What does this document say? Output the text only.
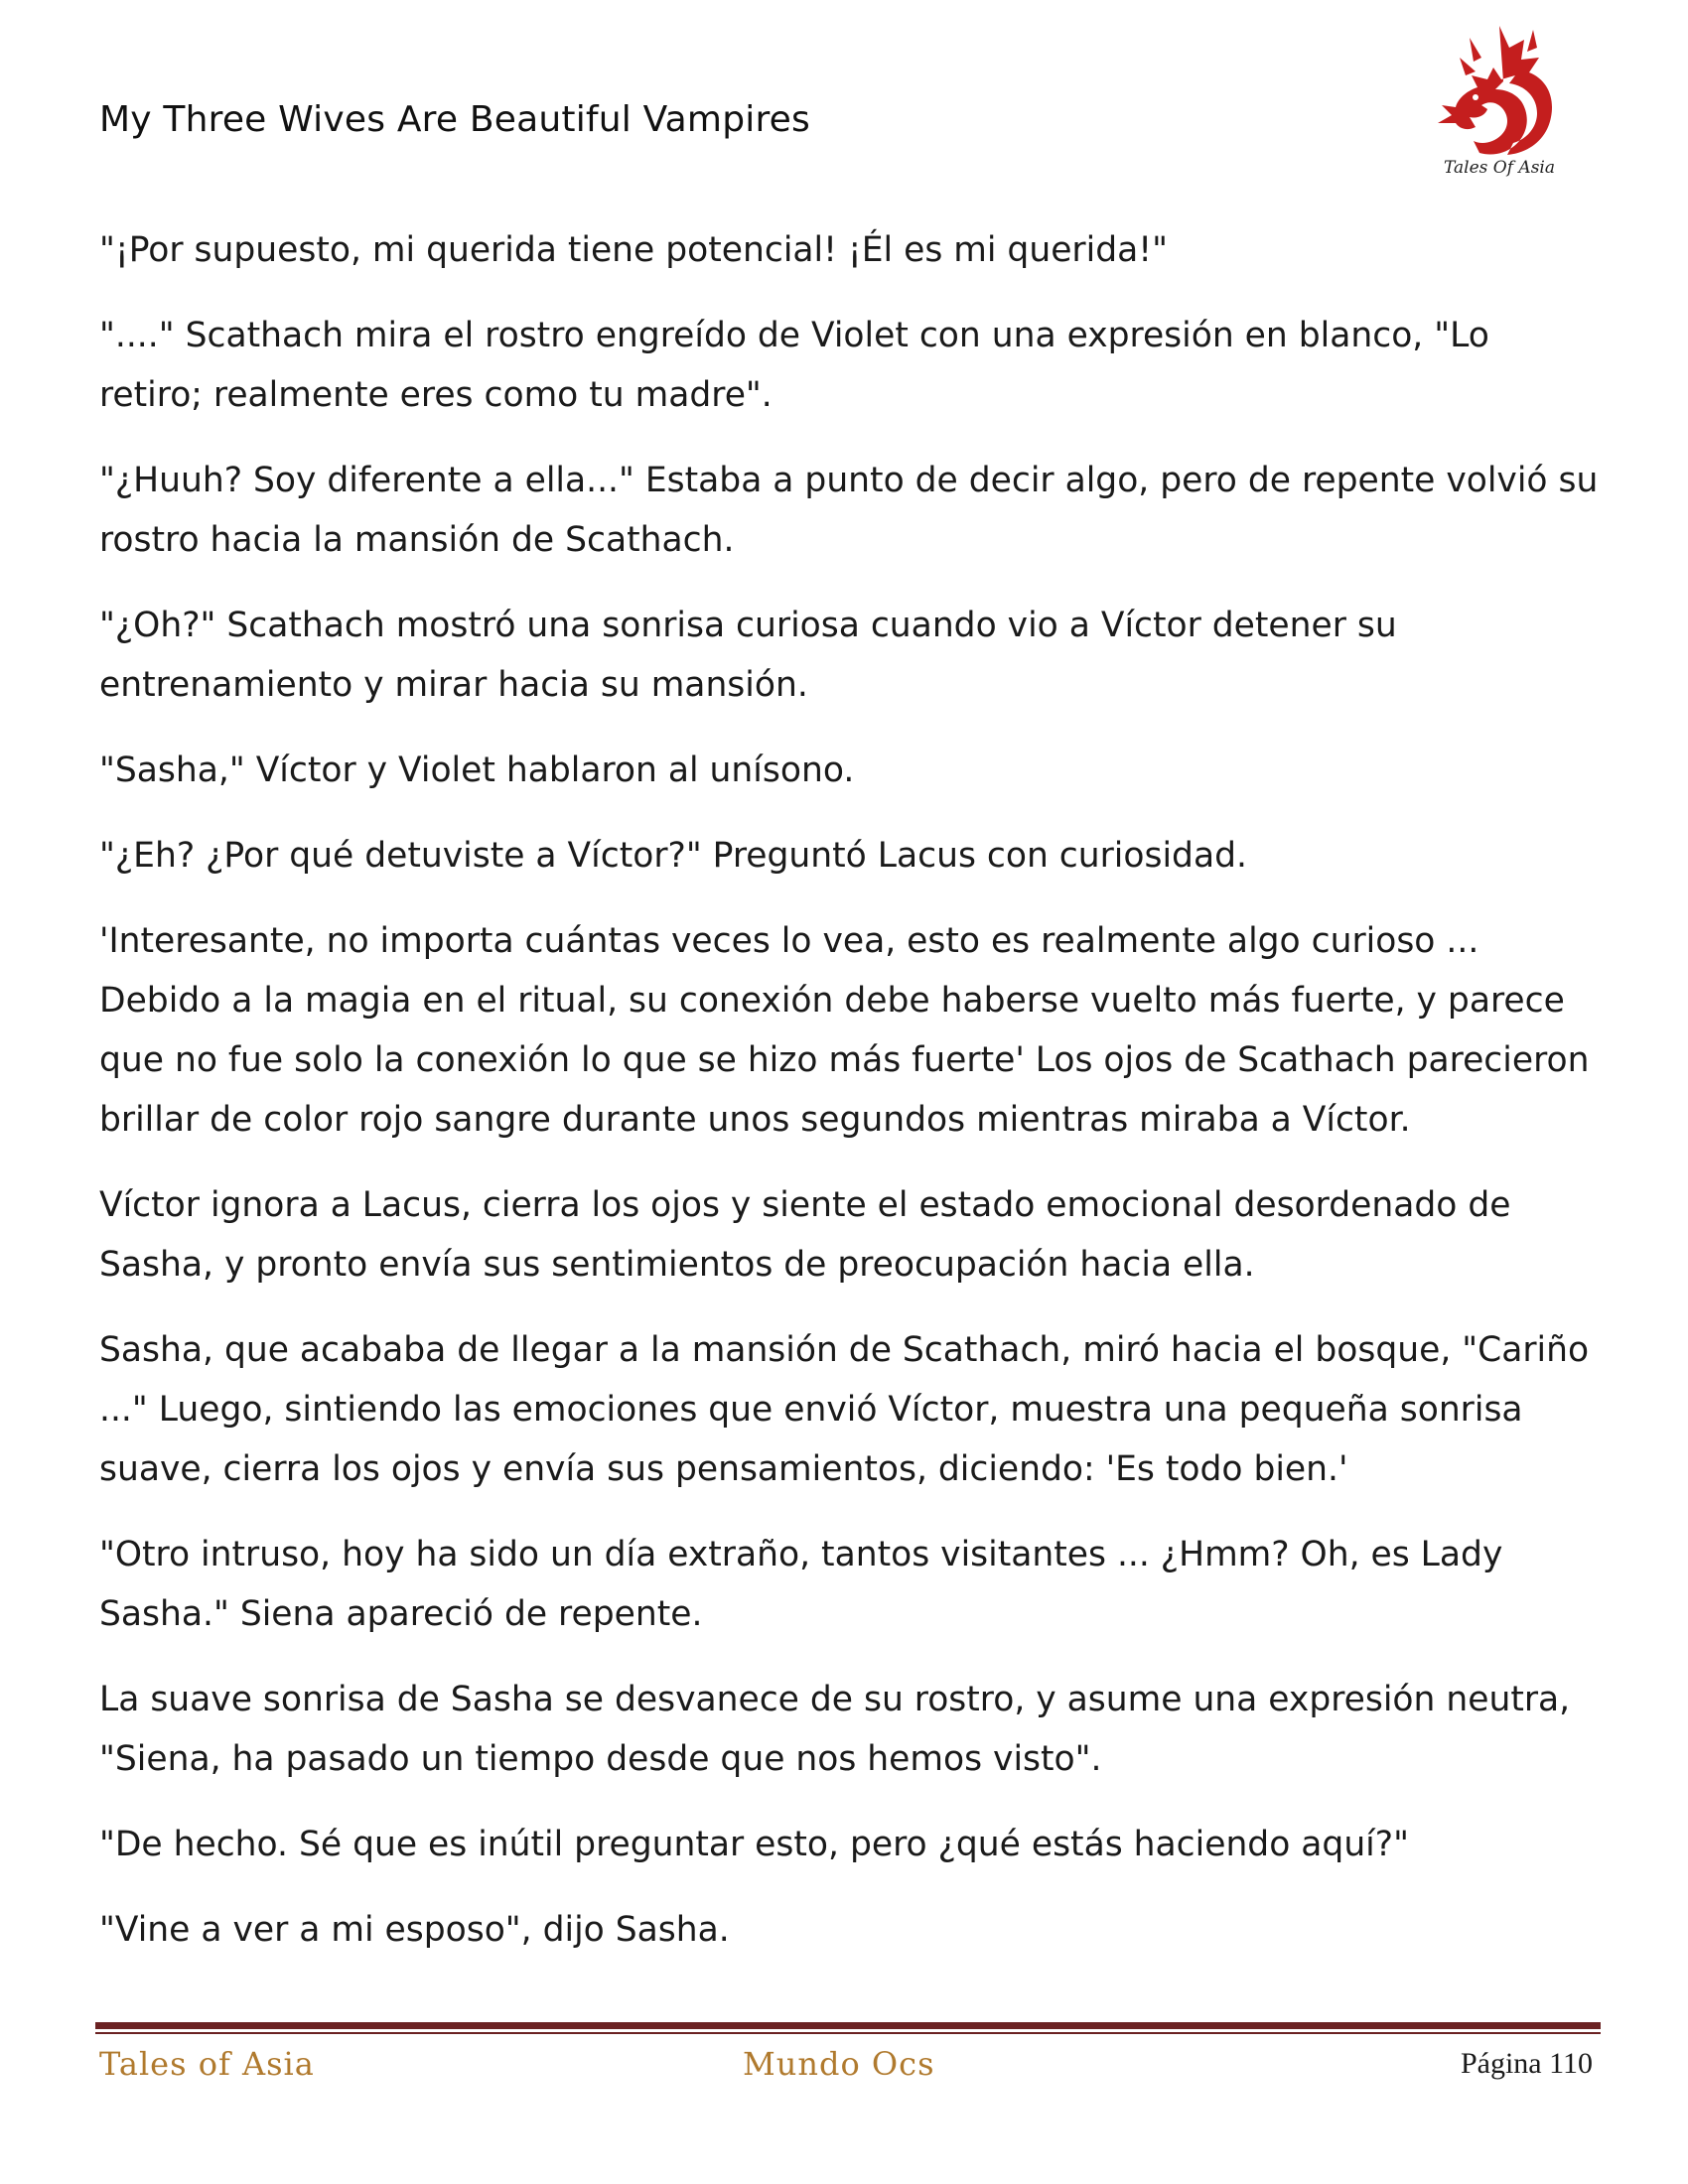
My Three Wives Are Beautiful Vampires
Tales Of Asia

"¡Por supuesto, mi querida tiene potencial! ¡Él es mi querida!"

"...." Scathach mira el rostro engreído de Violet con una expresión en blanco, "Lo retiro; realmente eres como tu madre".

"¿Huuh? Soy diferente a ella..." Estaba a punto de decir algo, pero de repente volvió su rostro hacia la mansión de Scathach.

"¿Oh?" Scathach mostró una sonrisa curiosa cuando vio a Víctor detener su entrenamiento y mirar hacia su mansión.

"Sasha," Víctor y Violet hablaron al unísono.

"¿Eh? ¿Por qué detuviste a Víctor?" Preguntó Lacus con curiosidad.

'Interesante, no importa cuántas veces lo vea, esto es realmente algo curioso ... Debido a la magia en el ritual, su conexión debe haberse vuelto más fuerte, y parece que no fue solo la conexión lo que se hizo más fuerte' Los ojos de Scathach parecieron brillar de color rojo sangre durante unos segundos mientras miraba a Víctor.

Víctor ignora a Lacus, cierra los ojos y siente el estado emocional desordenado de Sasha, y pronto envía sus sentimientos de preocupación hacia ella.

Sasha, que acababa de llegar a la mansión de Scathach, miró hacia el bosque, "Cariño ..." Luego, sintiendo las emociones que envió Víctor, muestra una pequeña sonrisa suave, cierra los ojos y envía sus pensamientos, diciendo: 'Es todo bien.'

"Otro intruso, hoy ha sido un día extraño, tantos visitantes ... ¿Hmm? Oh, es Lady Sasha." Siena apareció de repente.

La suave sonrisa de Sasha se desvanece de su rostro, y asume una expresión neutra, "Siena, ha pasado un tiempo desde que nos hemos visto".

"De hecho. Sé que es inútil preguntar esto, pero ¿qué estás haciendo aquí?"

"Vine a ver a mi esposo", dijo Sasha.

Tales of Asia	Mundo Ocs	Página 110
